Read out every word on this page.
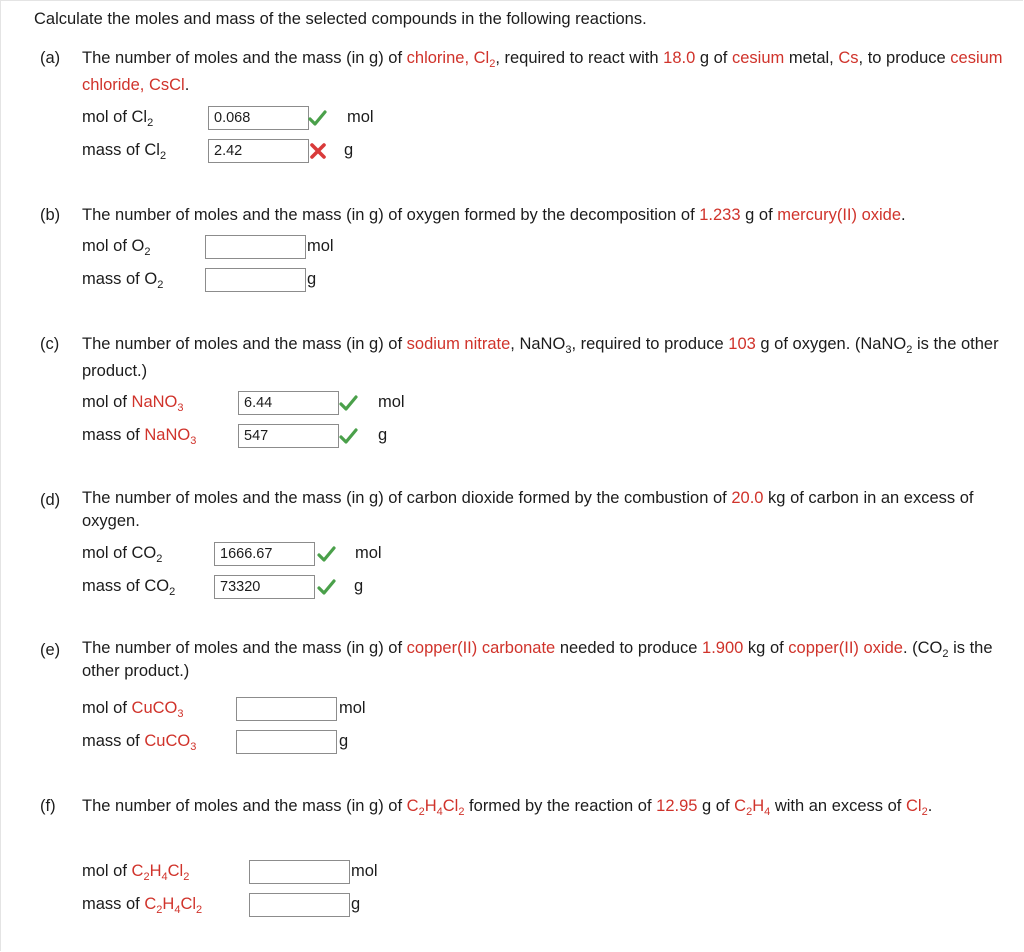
Calculate the moles and mass of the selected compounds in the following reactions.
(a) The number of moles and the mass (in g) of chlorine, $Cl_2$, required to react with 18.0 g of cesium metal, Cs, to produce cesium chloride, CsCl.
mol of $Cl_2$	0.068	mol
mass of $Cl_2$	2.42	g
(b) The number of moles and the mass (in g) of oxygen formed by the decomposition of 1.233 g of mercury(II) oxide.
mol of $O_2$	mol
mass of $O_2$	g
(c) The number of moles and the mass (in g) of sodium nitrate, NaNO$_3$, required to produce 103 g of oxygen. (NaNO$_2$ is the other product.)
mol of NaNO$_3$	6.44	mol
mass of NaNO$_3$	547	g
(d) The number of moles and the mass (in g) of carbon dioxide formed by the combustion of 20.0 kg of carbon in an excess of oxygen.
mol of $CO_2$	1666.67	mol
mass of $CO_2$	73320	g
(e) The number of moles and the mass (in g) of copper(II) carbonate needed to produce 1.900 kg of copper(II) oxide. ($CO_2$ is the other product.)
mol of CuCO$_3$	mol
mass of CuCO$_3$	g
(f) The number of moles and the mass (in g) of $C_2H_4Cl_2$ formed by the reaction of 12.95 g of $C_2H_4$ with an excess of $Cl_2$.
mol of $C_2H_4Cl_2$	mol
mass of $C_2H_4Cl_2$	g
